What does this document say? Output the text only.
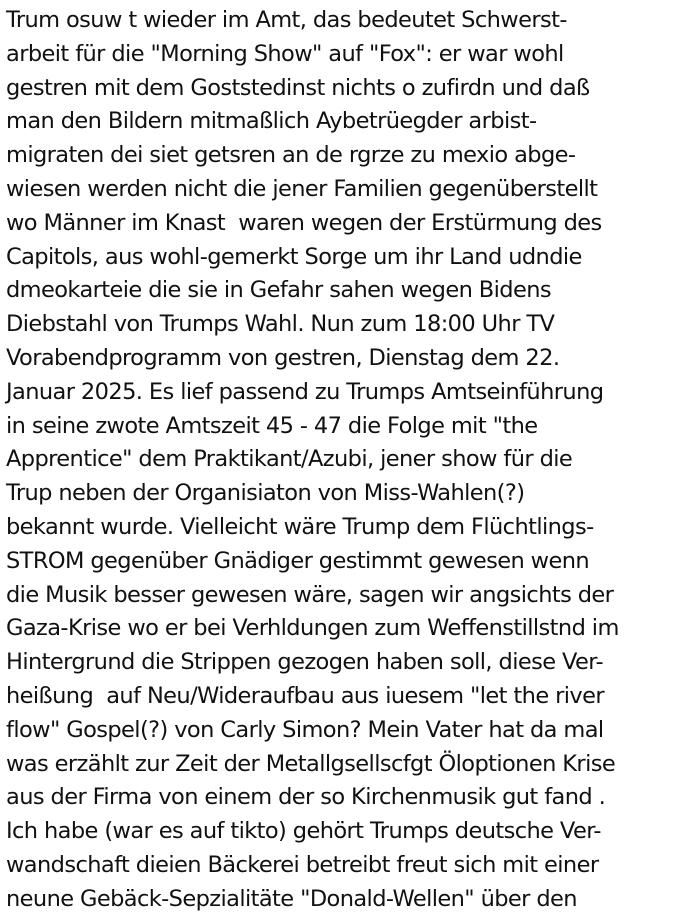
Trum osuw t wieder im Amt, das bedeutet Schwerst-
arbeit für die "Morning Show" auf "Fox": er war wohl
gestren mit dem Goststedinst nichts o zufirdn und daß
man den Bildern mitmaßlich Aybetrüegder arbist-
migraten dei siet getsren an de rgrze zu mexio abge-
wiesen werden nicht die jener Familien gegenüberstellt
wo Männer im Knast  waren wegen der Erstürmung des
Capitols, aus wohl-gemerkt Sorge um ihr Land udndie
dmeokarteie die sie in Gefahr sahen wegen Bidens
Diebstahl von Trumps Wahl. Nun zum 18:00 Uhr TV
Vorabendprogramm von gestren, Dienstag dem 22.
Januar 2025. Es lief passend zu Trumps Amtseinführung
in seine zwote Amtszeit 45 - 47 die Folge mit "the
Apprentice" dem Praktikant/Azubi, jener show für die
Trup neben der Organisiaton von Miss-Wahlen(?)
bekannt wurde. Vielleicht wäre Trump dem Flüchtlings-
STROM gegenüber Gnädiger gestimmt gewesen wenn
die Musik besser gewesen wäre, sagen wir angsichts der
Gaza-Krise wo er bei Verhldungen zum Weffenstillstnd im
Hintergrund die Strippen gezogen haben soll, diese Ver-
heißung  auf Neu/Wideraufbau aus iuesem "let the river
flow" Gospel(?) von Carly Simon? Mein Vater hat da mal
was erzählt zur Zeit der Metallgsellscfgt Öloptionen Krise
aus der Firma von einem der so Kirchenmusik gut fand .
Ich habe (war es auf tikto) gehört Trumps deutsche Ver-
wandschaft dieien Bäckerei betreibt freut sich mit einer
neune Gebäck-Sepzialitäte "Donald-Wellen" über den
